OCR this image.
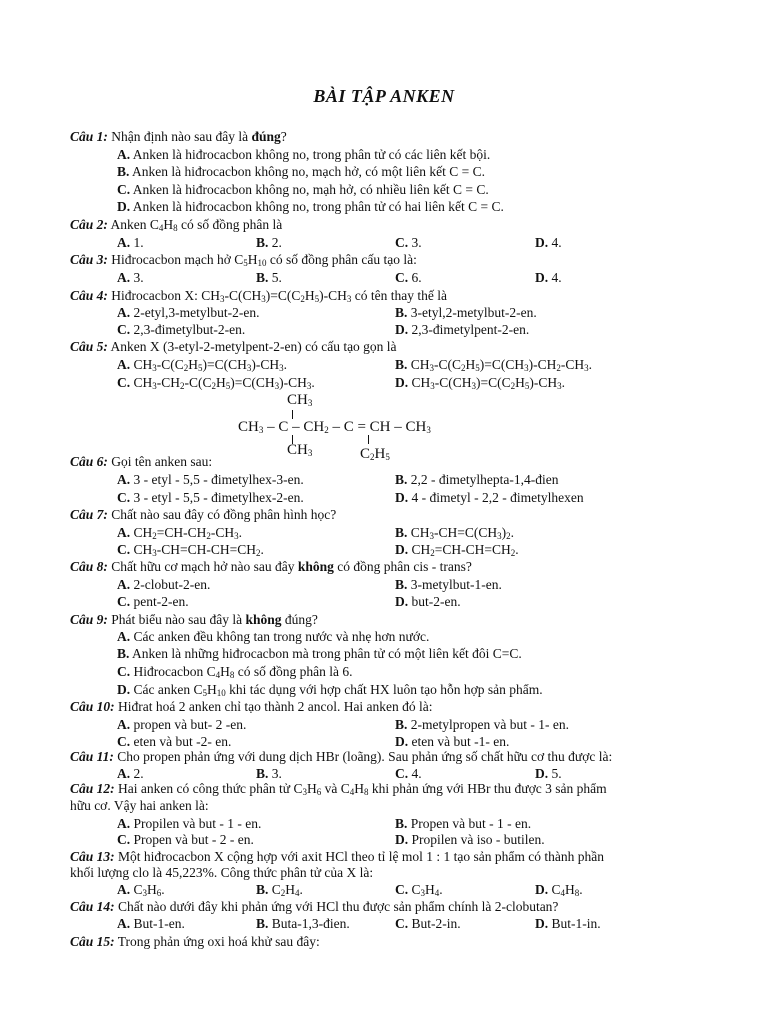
BÀI TẬP ANKEN
Câu 1: Nhận định nào sau đây là đúng?
A. Anken là hiđrocacbon không no, trong phân tử có các liên kết bội.
B. Anken là hiđrocacbon không no, mạch hở, có một liên kết C = C.
C. Anken là hiđrocacbon không no, mạh hở, có nhiều liên kết C = C.
D. Anken là hiđrocacbon không no, trong phân tử có hai liên kết C = C.
Câu 2: Anken $C_4H_8$ có số đồng phân là
A. 1.	B. 2.	C. 3.	D. 4.
Câu 3: Hiđrocacbon mạch hở $C_5H_{10}$ có số đồng phân cấu tạo là:
A. 3.	B. 5.	C. 6.	D. 4.
Câu 4: Hiđrocacbon X: $CH_3-C(CH_3)=C(C_2H_5)-CH_3$ có tên thay thế là
A. 2-etyl,3-metylbut-2-en.	B. 3-etyl,2-metylbut-2-en.
C. 2,3-đimetylbut-2-en.	D. 2,3-đimetylpent-2-en.
Câu 5: Anken X (3-etyl-2-metylpent-2-en) có cấu tạo gọn là
A. $CH_3-C(C_2H_5)=C(CH_3)-CH_3$.	B. $CH_3-C(C_2H_5)=C(CH_3)-CH_2-CH_3$.
C. $CH_3-CH_2-C(C_2H_5)=C(CH_3)-CH_3$.	D. $CH_3-C(CH_3)=C(C_2H_5)-CH_3$.
$CH_3$
$CH_3$ – C – $CH_2$ – C = CH – $CH_3$
$CH_3$	$C_2H_5$
Câu 6: Gọi tên anken sau:
A. 3 - etyl - 5,5 - đimetylhex-3-en.	B. 2,2 - đimetylhepta-1,4-đien
C. 3 - etyl - 5,5 - đimetylhex-2-en.	D. 4 - đimetyl - 2,2 - đimetylhexen
Câu 7: Chất nào sau đây có đồng phân hình học?
A. $CH_2=CH-CH_2-CH_3$.	B. $CH_3-CH=C(CH_3)_2$.
C. $CH_3-CH=CH-CH=CH_2$.	D. $CH_2=CH-CH=CH_2$.
Câu 8: Chất hữu cơ mạch hở nào sau đây không có đồng phân cis - trans?
A. 2-clobut-2-en.	B. 3-metylbut-1-en.
C. pent-2-en.	D. but-2-en.
Câu 9: Phát biểu nào sau đây là không đúng?
A. Các anken đều không tan trong nước và nhẹ hơn nước.
B. Anken là những hiđrocacbon mà trong phân tử có một liên kết đôi C=C.
C. Hiđrocacbon $C_4H_8$ có số đồng phân là 6.
D. Các anken $C_5H_{10}$ khi tác dụng với hợp chất HX luôn tạo hỗn hợp sản phẩm.
Câu 10: Hiđrat hoá 2 anken chỉ tạo thành 2 ancol. Hai anken đó là:
A. propen và but- 2 -en.	B. 2-metylpropen và but - 1- en.
C. eten và but -2- en.	D. eten và but -1- en.
Câu 11: Cho propen phản ứng với dung dịch HBr (loãng). Sau phản ứng số chất hữu cơ thu được là:
A. 2.	B. 3.	C. 4.	D. 5.
Câu 12: Hai anken có công thức phân tử $C_3H_6$ và $C_4H_8$ khi phản ứng với HBr thu được 3 sản phẩm
hữu cơ. Vậy hai anken là:
A. Propilen và but - 1 - en.	B. Propen và but - 1 - en.
C. Propen và but - 2 - en.	D. Propilen và iso - butilen.
Câu 13: Một hiđrocacbon X cộng hợp với axit HCl theo tỉ lệ mol 1 : 1 tạo sản phẩm có thành phần
khối lượng clo là 45,223%. Công thức phân tử của X là:
A. $C_3H_6$.	B. $C_2H_4$.	C. $C_3H_4$.	D. $C_4H_8$.
Câu 14: Chất nào dưới đây khi phản ứng với HCl thu được sản phẩm chính là 2-clobutan?
A. But-1-en.	B. Buta-1,3-đien.	C. But-2-in.	D. But-1-in.
Câu 15: Trong phản ứng oxi hoá khử sau đây:
